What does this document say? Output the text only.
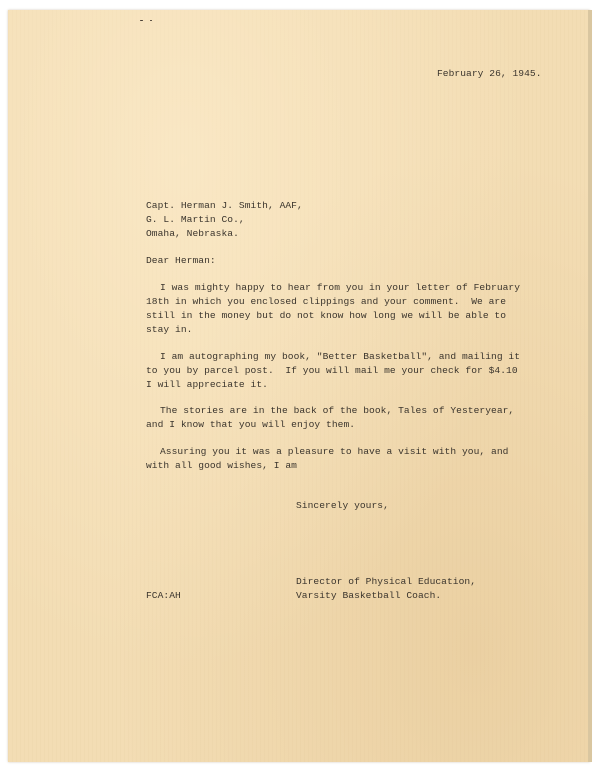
February 26, 1945.
Capt. Herman J. Smith, AAF,
G. L. Martin Co.,
Omaha, Nebraska.
Dear Herman:
I was mighty happy to hear from you in your letter of February
18th in which you enclosed clippings and your comment.  We are
still in the money but do not know how long we will be able to
stay in.
I am autographing my book, "Better Basketball", and mailing it
to you by parcel post.  If you will mail me your check for $4.10
I will appreciate it.
The stories are in the back of the book, Tales of Yesteryear,
and I know that you will enjoy them.
Assuring you it was a pleasure to have a visit with you, and
with all good wishes, I am
Sincerely yours,
Director of Physical Education,
FCA:AH	Varsity Basketball Coach.
